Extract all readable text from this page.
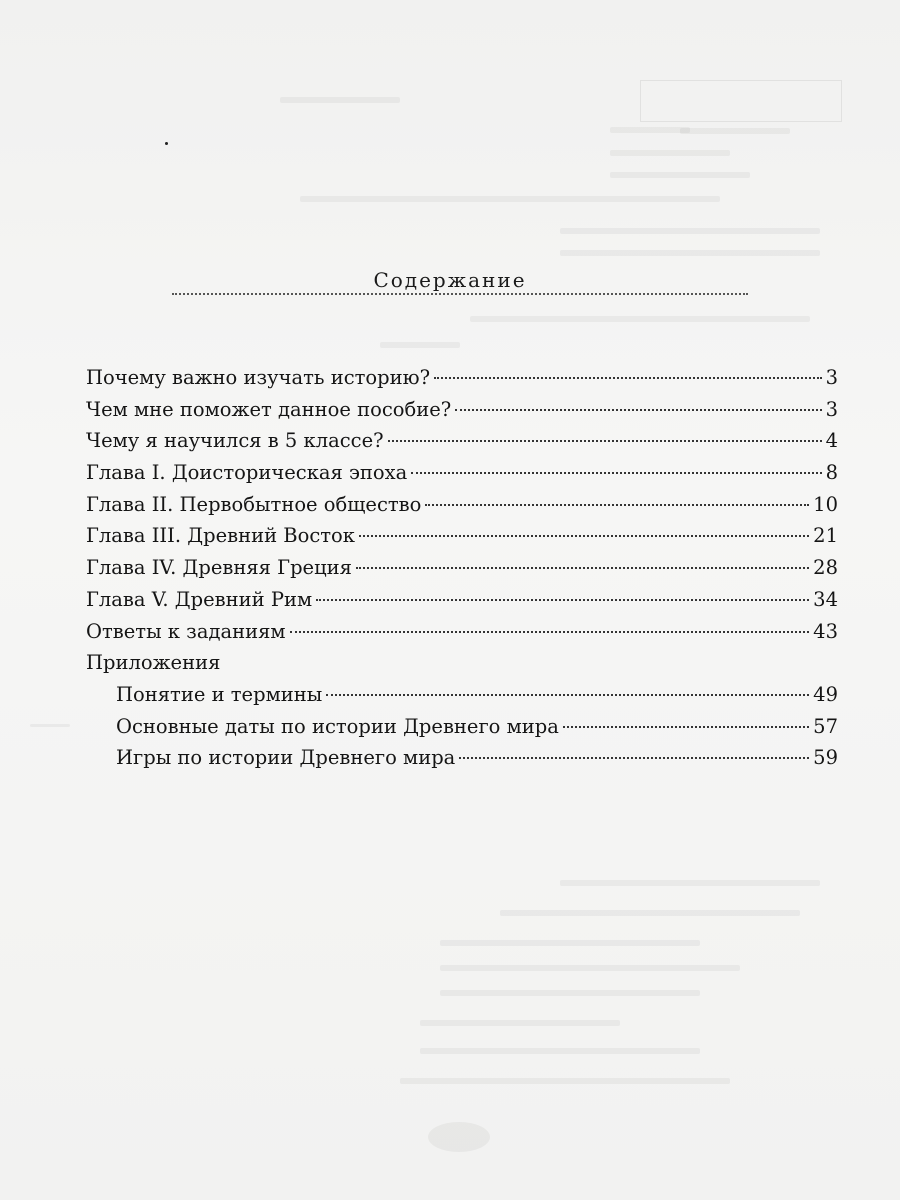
Содержание
Почему важно изучать историю?	3
Чем мне поможет данное пособие?	3
Чему я научился в 5 классе?	4
Глава I. Доисторическая эпоха	8
Глава II. Первобытное общество	10
Глава III. Древний Восток	21
Глава IV. Древняя Греция	28
Глава V. Древний Рим	34
Ответы к заданиям	43
Приложения
Понятие и термины	49
Основные даты по истории Древнего мира	57
Игры по истории Древнего мира	59
